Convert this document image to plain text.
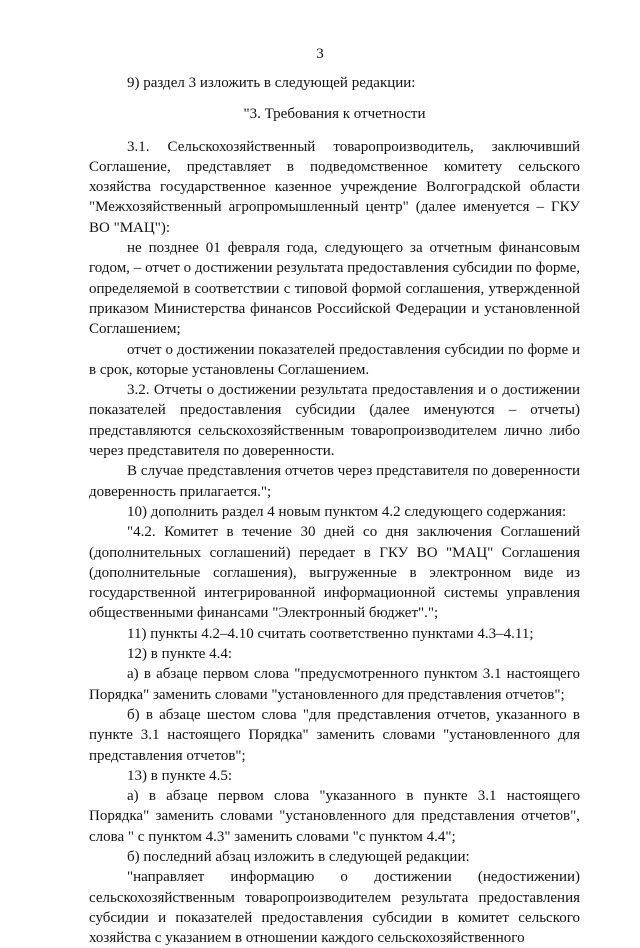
3

9) раздел 3 изложить в следующей редакции:

"3. Требования к отчетности

3.1. Сельскохозяйственный товаропроизводитель, заключивший Соглашение, представляет в подведомственное комитету сельского хозяйства государственное казенное учреждение Волгоградской области "Межхозяйственный агропромышленный центр" (далее именуется – ГКУ ВО "МАЦ"):

не позднее 01 февраля года, следующего за отчетным финансовым годом, – отчет о достижении результата предоставления субсидии по форме, определяемой в соответствии с типовой формой соглашения, утвержденной приказом Министерства финансов Российской Федерации и установленной Соглашением;

отчет о достижении показателей предоставления субсидии по форме и в срок, которые установлены Соглашением.

3.2. Отчеты о достижении результата предоставления и о достижении показателей предоставления субсидии (далее именуются – отчеты) представляются сельскохозяйственным товаропроизводителем лично либо через представителя по доверенности.

В случае представления отчетов через представителя по доверенности доверенность прилагается.";

10) дополнить раздел 4 новым пунктом 4.2 следующего содержания:

"4.2. Комитет в течение 30 дней со дня заключения Соглашений (дополнительных соглашений) передает в ГКУ ВО "МАЦ" Соглашения (дополнительные соглашения), выгруженные в электронном виде из государственной интегрированной информационной системы управления общественными финансами "Электронный бюджет".";

11) пункты 4.2–4.10 считать соответственно пунктами 4.3–4.11;

12) в пункте 4.4:

а) в абзаце первом слова "предусмотренного пунктом 3.1 настоящего Порядка" заменить словами "установленного для представления отчетов";

б) в абзаце шестом слова "для представления отчетов, указанного в пункте 3.1 настоящего Порядка" заменить словами "установленного для представления отчетов";

13) в пункте 4.5:

а) в абзаце первом слова "указанного в пункте 3.1 настоящего Порядка" заменить словами "установленного для представления отчетов", слова " с пунктом 4.3" заменить словами "с пунктом 4.4";

б) последний абзац изложить в следующей редакции:

"направляет информацию о достижении (недостижении) сельскохозяйственным товаропроизводителем результата предоставления субсидии и показателей предоставления субсидии в комитет сельского хозяйства с указанием в отношении каждого сельскохозяйственного
